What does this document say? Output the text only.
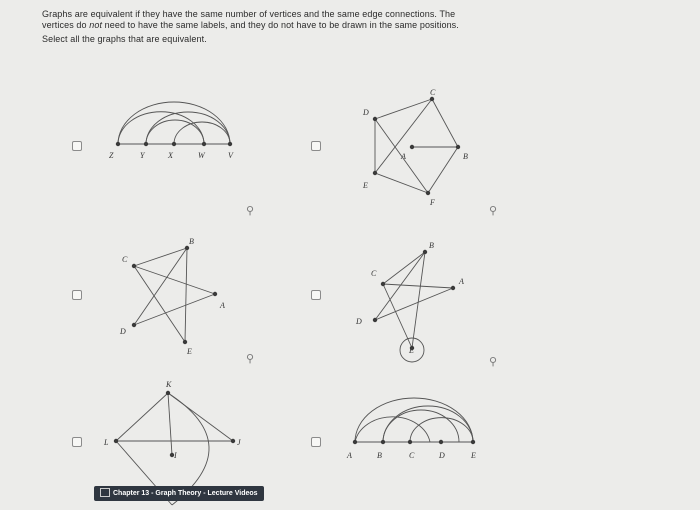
Graphs are equivalent if they have the same number of vertices and the same edge connections. The

vertices do not need to have the same labels, and they do not have to be drawn in the same positions.

Select all the graphs that are equivalent.

⚲	⚲
⚲	⚲
Z	Y	X	W	V
D
C
A	B
E
F
B
C
A
D
E
B
C
A
D
E
K
L	J
I	A	B	C	D	E
Chapter 13 - Graph Theory - Lecture Videos
